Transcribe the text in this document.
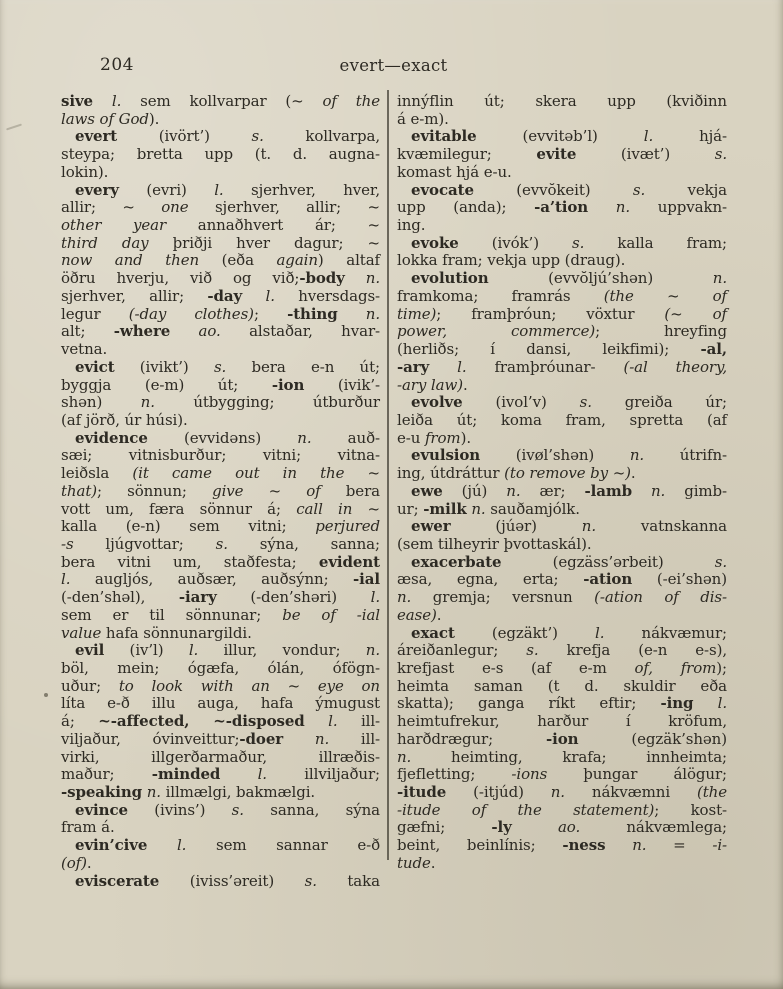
204	evert—exact
sive l. sem kollvarpar (~ of the
laws of God).
evert (ivört’) s. kollvarpa,
steypa; bretta upp (t. d. augna-
lokin).
every (evri) l. sjerhver, hver,
allir; ~ one sjerhver, allir; ~
other year annaðhvert ár; ~
third day þriðji hver dagur; ~
now and then (eða again) altaf
öðru hverju, við og við;-body n.
sjerhver, allir; -day l. hversdags-
legur (-day clothes); -thing n.
alt; -where ao. alstaðar, hvar-
vetna.
evict (ivikt’) s. bera e-n út;
byggja (e-m) út; -ion (ivik’-
shən) n. útbygging; útburður
(af jörð, úr húsi).
evidence (evvidəns) n. auð-
sæi; vitnisburður; vitni; vitna-
leiðsla (it came out in the ~
that); sönnun; give ~ of bera
vott um, færa sönnur á; call in ~
kalla (e-n) sem vitni; perjured
-s ljúgvottar; s. sýna, sanna;
bera vitni um, staðfesta; evident
l. augljós, auðsær, auðsýnn; -ial
(-den’shəl), -iary (-den’shəri) l.
sem er til sönnunar; be of -ial
value hafa sönnunargildi.
evil (iv’l) l. illur, vondur; n.
böl, mein; ógæfa, ólán, ófögn-
uður; to look with an ~ eye on
líta e-ð illu auga, hafa ýmugust
á; ~-affected, ~-disposed l. ill-
viljaður, óvinveittur;-doer n. ill-
virki, illgerðarmaður, illræðis-
maður; -minded l. illviljaður;
-speaking n. illmælgi, bakmælgi.
evince (ivins’) s. sanna, sýna
fram á.
evin’cive l. sem sannar e-ð
(of).
eviscerate (iviss’əreit) s. taka
innýflin út; skera upp (kviðinn
á e-m).
evitable (evvitəb’l) l. hjá-
kvæmilegur; evite (ivæt’) s.
komast hjá e-u.
evocate (evvŏkeit) s. vekja
upp (anda); -a’tion n. uppvakn-
ing.
evoke (ivók’) s. kalla fram;
lokka fram; vekja upp (draug).
evolution (evvŏljú’shən) n.
framkoma; framrás (the ~ of
time); framþróun; vöxtur (~ of
power, commerce); hreyfing
(herliðs; í dansi, leikfimi); -al,
-ary l. framþróunar- (-al theory,
-ary law).
evolve (ivol’v) s. greiða úr;
leiða út; koma fram, spretta (af
e-u from).
evulsion (ivøl’shən) n. útrifn-
ing, útdráttur (to remove by ~).
ewe (jú) n. ær; -lamb n. gimb-
ur; -milk n. sauðamjólk.
ewer (júər) n. vatnskanna
(sem tilheyrir þvottaskál).
exacerbate (egzäss’ərbeit) s.
æsa, egna, erta; -ation (-ei’shən)
n. gremja; versnun (-ation of dis-
ease).
exact (egzäkt’) l. nákvæmur;
áreiðanlegur; s. krefja (e-n e-s),
krefjast e-s (af e-m of, from);
heimta saman (t d. skuldir eða
skatta); ganga ríkt eftir; -ing l.
heimtufrekur, harður í kröfum,
harðdrægur; -ion (egzäk’shən)
n. heimting, krafa; innheimta;
fjefletting; -ions þungar álögur;
-itude (-itjúd) n. nákvæmni (the
-itude of the statement); kost-
gæfni; -ly	ao. nákvæmlega;
beint, beinlínis; -ness n. = -i-
tude.
